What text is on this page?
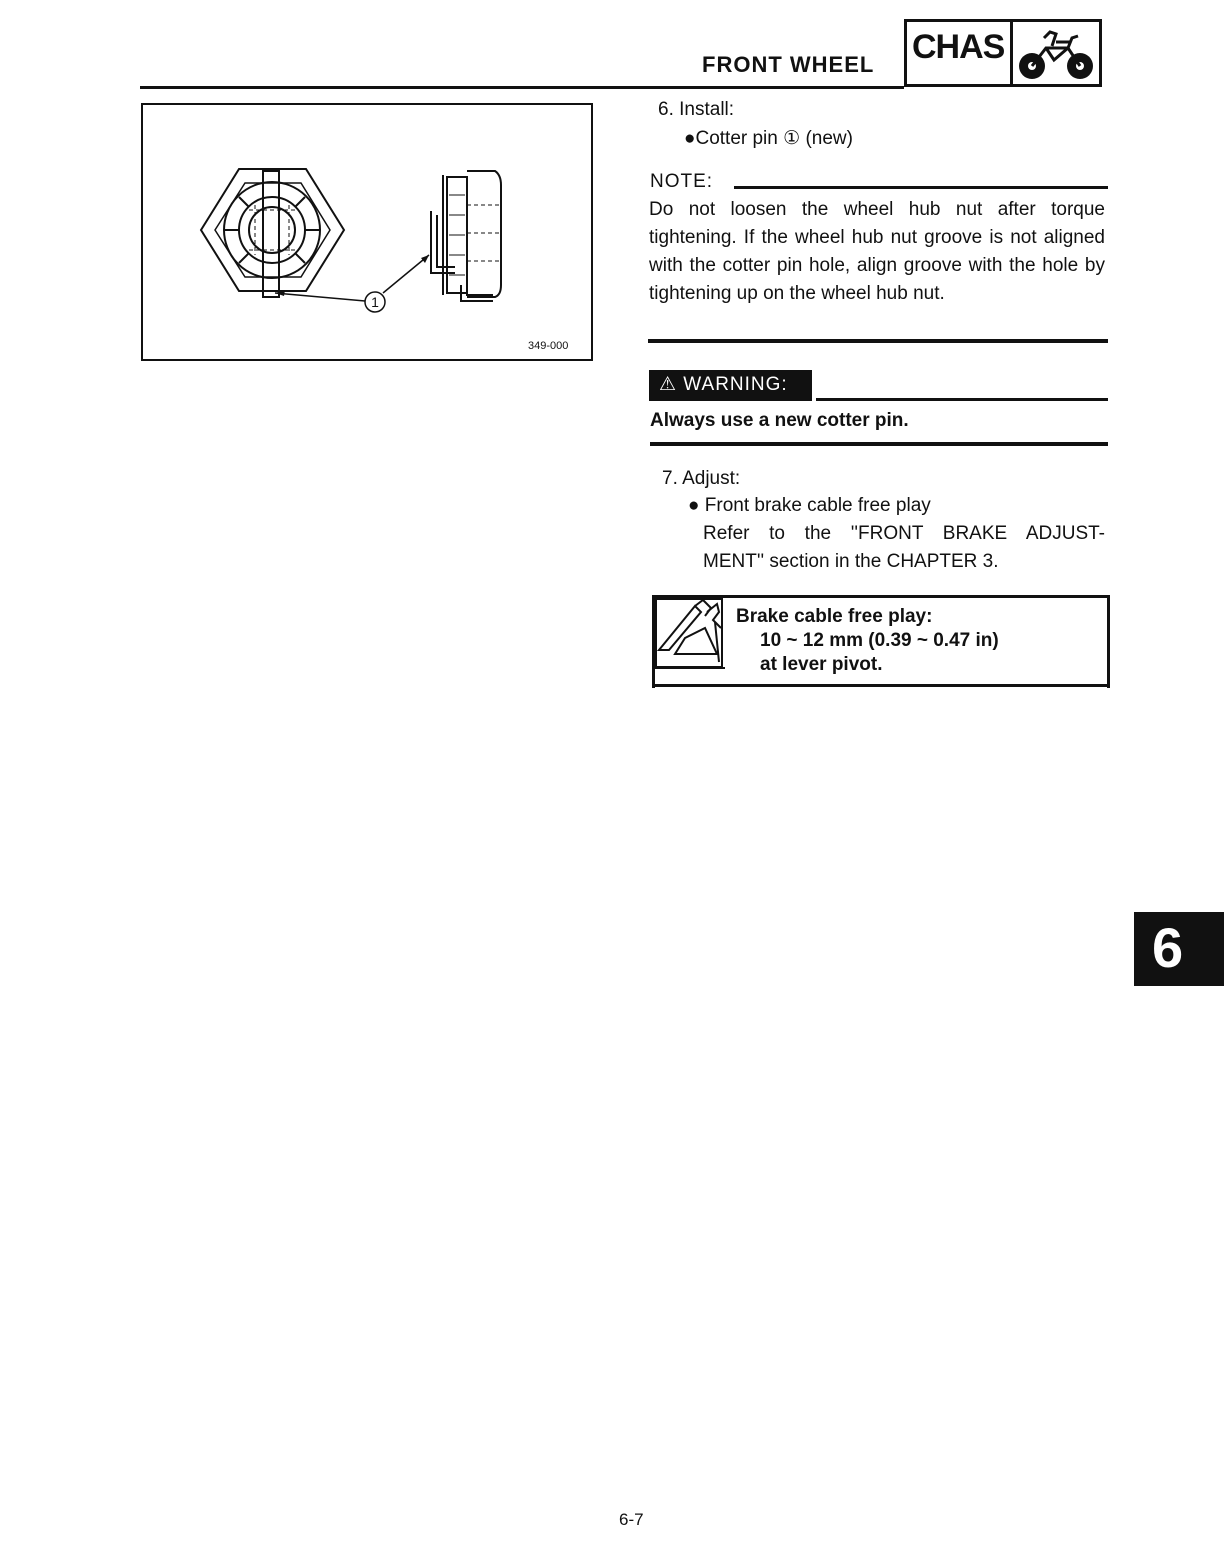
FRONT WHEEL CHAS
1
349-000
6. Install:
●Cotter pin ① (new)
NOTE:
Do not loosen the wheel hub nut after torque tightening. If the wheel hub nut groove is not aligned with the cotter pin hole, align groove with the hole by tightening up on the wheel hub nut.
⚠ WARNING:
Always use a new cotter pin.
7. Adjust:
● Front brake cable free play
Refer to the ''FRONT BRAKE ADJUST-
MENT'' section in the CHAPTER 3.
Brake cable free play:
10 ~ 12 mm (0.39 ~ 0.47 in)
at lever pivot.
6
6-7
